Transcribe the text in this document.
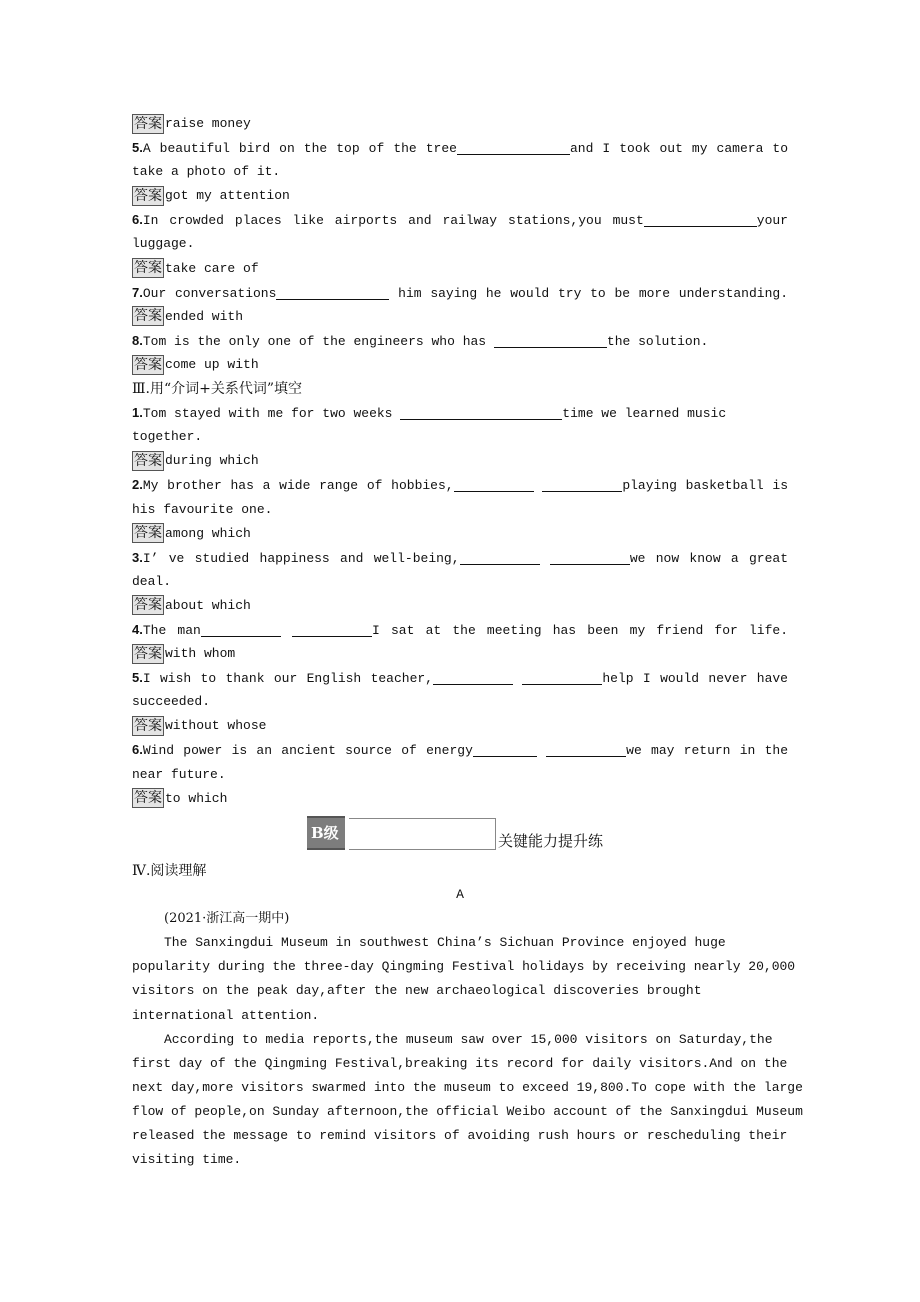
答案 raise money
5.A beautiful bird on the top of the tree	and I took out my camera to
take a photo of it.
答案 got my attention
6.In crowded places like airports and railway stations,you must	your
luggage.
答案 take care of
7.Our conversations	him saying he would try to be more understanding.
答案 ended with
8.Tom is the only one of the engineers who has	the solution.
答案 come up with
Ⅲ.用“介词+关系代词”填空
1.Tom stayed with me for two weeks	time we learned music
together.
答案 during which
2.My brother has a wide range of hobbies,	playing basketball is
his favourite one.
答案 among which
3.I’ ve studied happiness and well-being,	we now know a great
deal.
答案 about which
4.The man	I sat at the meeting has been my friend for life.
答案 with whom
5.I wish to thank our English teacher,	help I would never have
succeeded.
答案 without whose
6.Wind power is an ancient source of energy	we may return in the
near future.
答案 to which
B级	关键能力提升练
Ⅳ.阅读理解
A
(2021·浙江高一期中)
The Sanxingdui Museum in southwest China’s Sichuan Province enjoyed huge
popularity during the three-day Qingming Festival holidays by receiving nearly 20,000
visitors on the peak day,after the new archaeological discoveries brought
international attention.
According to media reports,the museum saw over 15,000 visitors on Saturday,the
first day of the Qingming Festival,breaking its record for daily visitors.And on the
next day,more visitors swarmed into the museum to exceed 19,800.To cope with the large
flow of people,on Sunday afternoon,the official Weibo account of the Sanxingdui Museum
released the message to remind visitors of avoiding rush hours or rescheduling their
visiting time.
